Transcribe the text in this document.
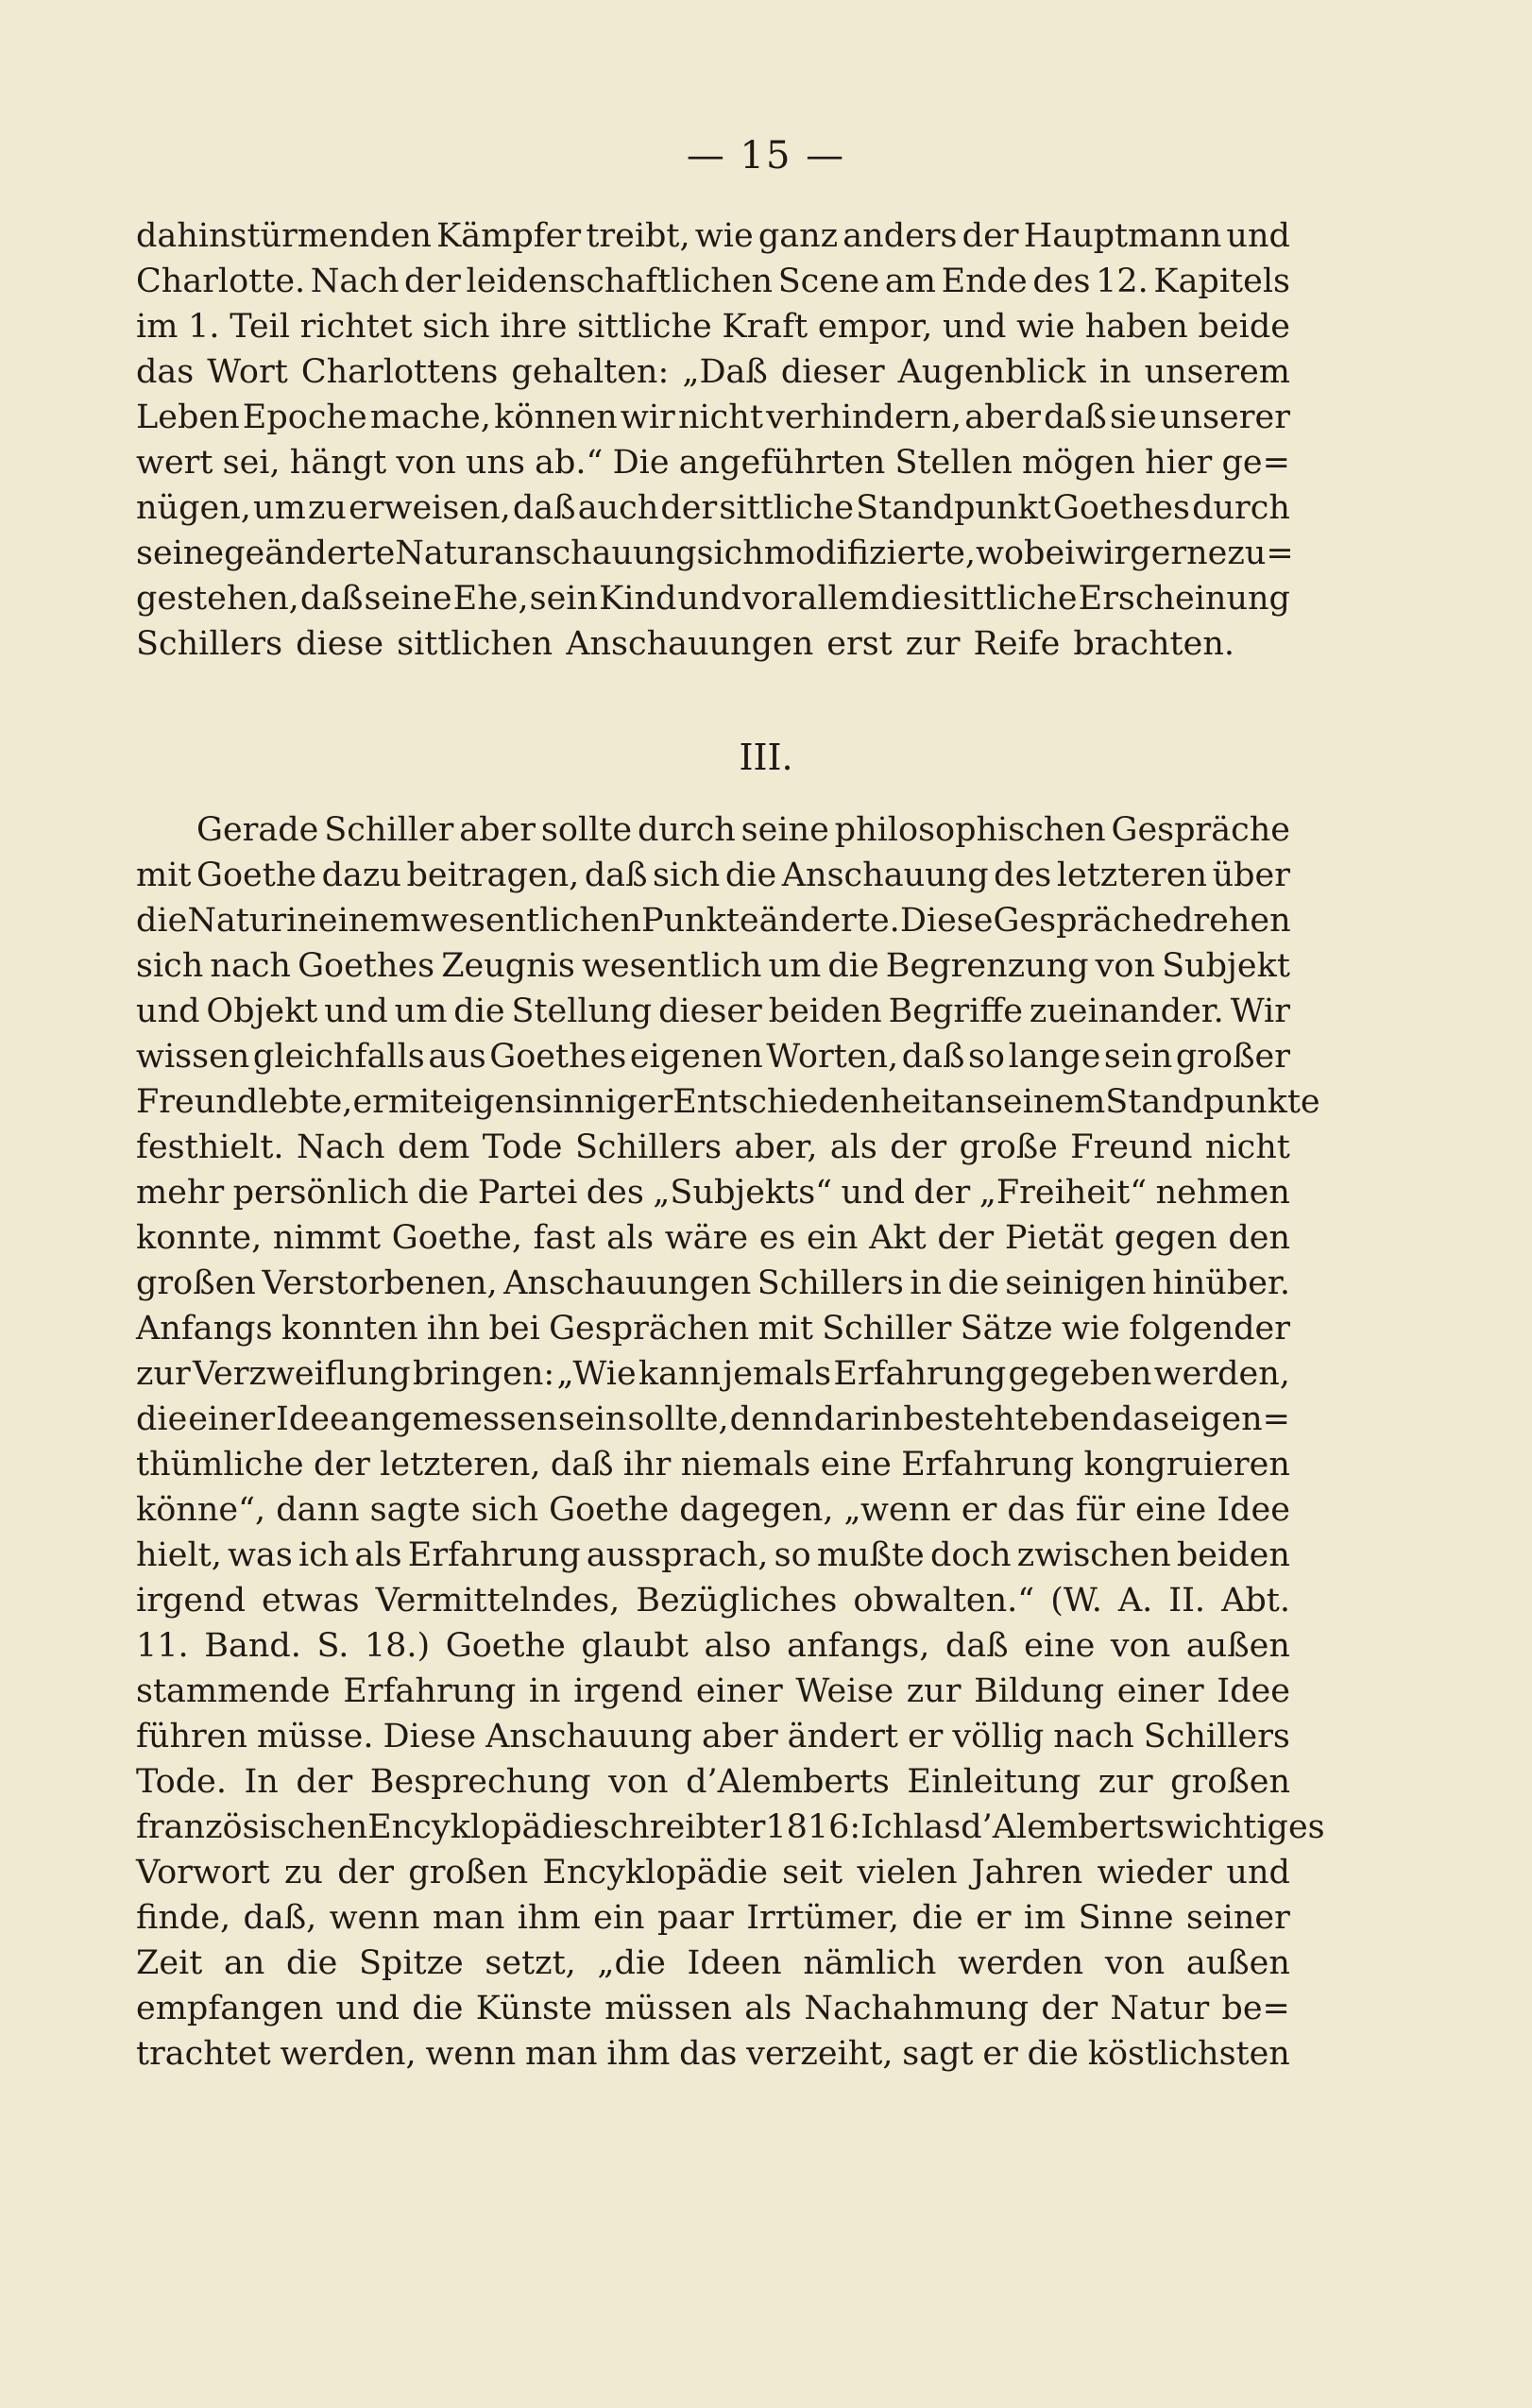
— 15 —
dahinstürmenden Kämpfer treibt, wie ganz anders der Hauptmann und
Charlotte. Nach der leidenschaftlichen Scene am Ende des 12. Kapitels
im 1. Teil richtet sich ihre sittliche Kraft empor, und wie haben beide
das Wort Charlottens gehalten: „Daß dieser Augenblick in unserem
Leben Epoche mache, können wir nicht verhindern, aber daß sie unserer
wert sei, hängt von uns ab.“ Die angeführten Stellen mögen hier ge=
nügen, um zu erweisen, daß auch der sittliche Standpunkt Goethes durch
seine geänderte Naturanschauung sich modifizierte, wobei wir gerne zu=
gestehen, daß seine Ehe, sein Kind und vor allem die sittliche Erscheinung
Schillers diese sittlichen Anschauungen erst zur Reife brachten.
III.
Gerade Schiller aber sollte durch seine philosophischen Gespräche
mit Goethe dazu beitragen, daß sich die Anschauung des letzteren über
die Natur in einem wesentlichen Punkte änderte. Diese Gespräche drehen
sich nach Goethes Zeugnis wesentlich um die Begrenzung von Subjekt
und Objekt und um die Stellung dieser beiden Begriffe zueinander. Wir
wissen gleichfalls aus Goethes eigenen Worten, daß so lange sein großer
Freund lebte, er mit eigensinniger Entschiedenheit an seinem Standpunkte
festhielt. Nach dem Tode Schillers aber, als der große Freund nicht
mehr persönlich die Partei des „Subjekts“ und der „Freiheit“ nehmen
konnte, nimmt Goethe, fast als wäre es ein Akt der Pietät gegen den
großen Verstorbenen, Anschauungen Schillers in die seinigen hinüber.
Anfangs konnten ihn bei Gesprächen mit Schiller Sätze wie folgender
zur Verzweiflung bringen: „Wie kann jemals Erfahrung gegeben werden,
die einer Idee angemessen sein sollte, denn darin besteht eben das eigen=
thümliche der letzteren, daß ihr niemals eine Erfahrung kongruieren
könne“, dann sagte sich Goethe dagegen, „wenn er das für eine Idee
hielt, was ich als Erfahrung aussprach, so mußte doch zwischen beiden
irgend etwas Vermittelndes, Bezügliches obwalten.“ (W. A. II. Abt.
11. Band. S. 18.) Goethe glaubt also anfangs, daß eine von außen
stammende Erfahrung in irgend einer Weise zur Bildung einer Idee
führen müsse. Diese Anschauung aber ändert er völlig nach Schillers
Tode. In der Besprechung von d’Alemberts Einleitung zur großen
französischen Encyklopädie schreibt er 1816: Ich las d’Alemberts wichtiges
Vorwort zu der großen Encyklopädie seit vielen Jahren wieder und
finde, daß, wenn man ihm ein paar Irrtümer, die er im Sinne seiner
Zeit an die Spitze setzt, „die Ideen nämlich werden von außen
empfangen und die Künste müssen als Nachahmung der Natur be=
trachtet werden, wenn man ihm das verzeiht, sagt er die köstlichsten
